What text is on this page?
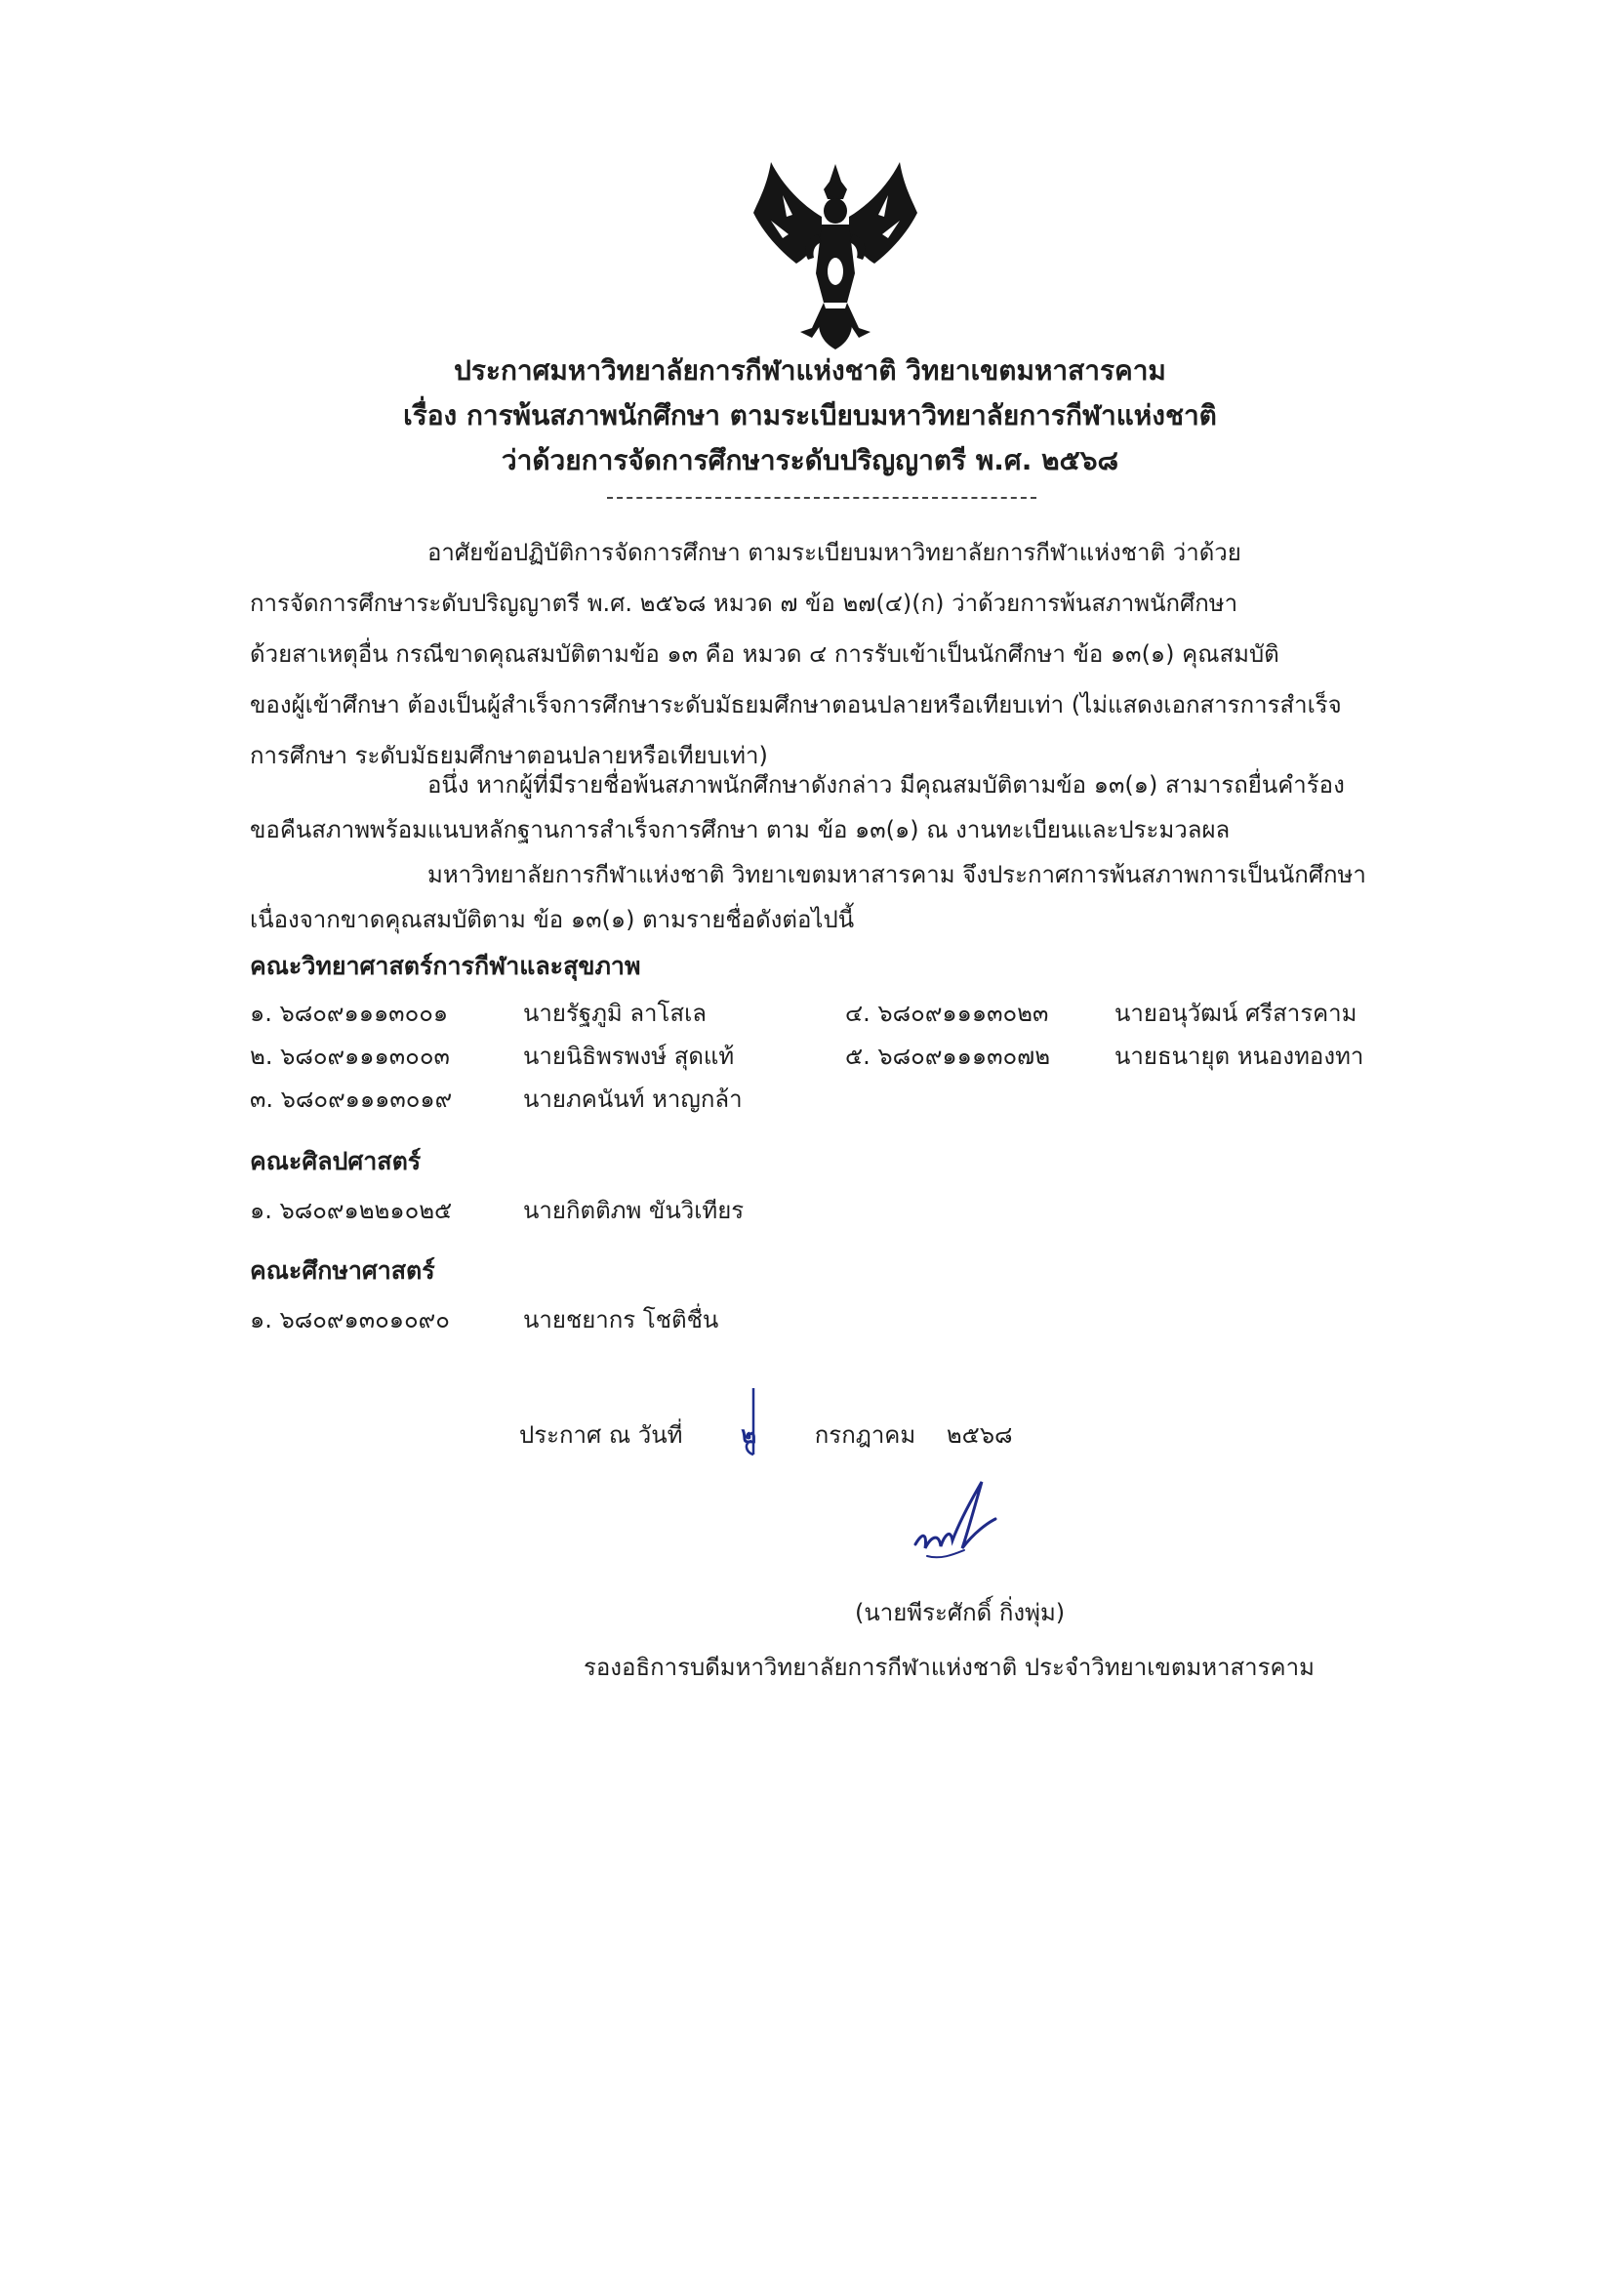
ประกาศมหาวิทยาลัยการกีฬาแห่งชาติ วิทยาเขตมหาสารคาม
เรื่อง การพ้นสภาพนักศึกษา ตามระเบียบมหาวิทยาลัยการกีฬาแห่งชาติ
ว่าด้วยการจัดการศึกษาระดับปริญญาตรี พ.ศ. ๒๕๖๘
อาศัยข้อปฏิบัติการจัดการศึกษา ตามระเบียบมหาวิทยาลัยการกีฬาแห่งชาติ ว่าด้วย
การจัดการศึกษาระดับปริญญาตรี พ.ศ. ๒๕๖๘ หมวด ๗ ข้อ ๒๗(๔)(ก) ว่าด้วยการพ้นสภาพนักศึกษา
ด้วยสาเหตุอื่น กรณีขาดคุณสมบัติตามข้อ ๑๓ คือ หมวด ๔ การรับเข้าเป็นนักศึกษา ข้อ ๑๓(๑) คุณสมบัติ
ของผู้เข้าศึกษา ต้องเป็นผู้สำเร็จการศึกษาระดับมัธยมศึกษาตอนปลายหรือเทียบเท่า (ไม่แสดงเอกสารการสำเร็จ
การศึกษา ระดับมัธยมศึกษาตอนปลายหรือเทียบเท่า)
อนึ่ง หากผู้ที่มีรายชื่อพ้นสภาพนักศึกษาดังกล่าว มีคุณสมบัติตามข้อ ๑๓(๑) สามารถยื่นคำร้อง
ขอคืนสภาพพร้อมแนบหลักฐานการสำเร็จการศึกษา ตาม ข้อ ๑๓(๑) ณ งานทะเบียนและประมวลผล
มหาวิทยาลัยการกีฬาแห่งชาติ วิทยาเขตมหาสารคาม จึงประกาศการพ้นสภาพการเป็นนักศึกษา
เนื่องจากขาดคุณสมบัติตาม ข้อ ๑๓(๑) ตามรายชื่อดังต่อไปนี้
คณะวิทยาศาสตร์การกีฬาและสุขภาพ
๑. ๖๘๐๙๑๑๑๓๐๐๑	นายรัฐภูมิ ลาโสเล
๒. ๖๘๐๙๑๑๑๓๐๐๓	นายนิธิพรพงษ์ สุดแท้
๓. ๖๘๐๙๑๑๑๓๐๑๙	นายภคนันท์ หาญกล้า
๔. ๖๘๐๙๑๑๑๓๐๒๓	นายอนุวัฒน์ ศรีสารคาม
๕. ๖๘๐๙๑๑๑๓๐๗๒	นายธนายุต หนองทองทา
คณะศิลปศาสตร์
๑. ๖๘๐๙๑๒๒๑๐๒๕	นายกิตติภพ ขันวิเทียร
คณะศึกษาศาสตร์
๑. ๖๘๐๙๑๓๐๑๐๙๐	นายชยากร โชติชื่น
ประกาศ ณ วันที่ ๒ กรกฎาคม ๒๕๖๘
(นายพีระศักดิ์ กิ่งพุ่ม)
รองอธิการบดีมหาวิทยาลัยการกีฬาแห่งชาติ ประจำวิทยาเขตมหาสารคาม
